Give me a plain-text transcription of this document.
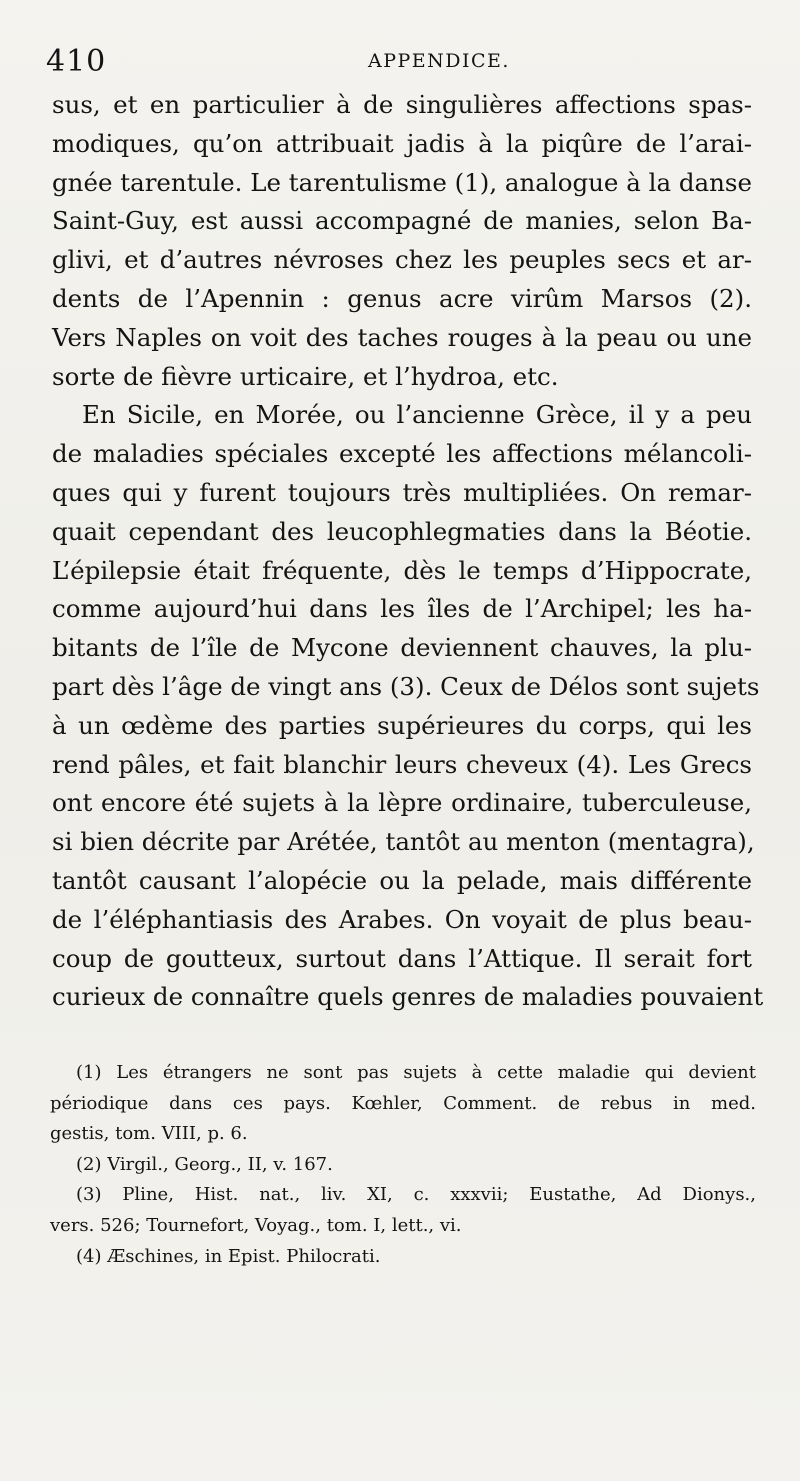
410	APPENDICE.
sus, et en particulier à de singulières affections spas-
modiques, qu’on attribuait jadis à la piqûre de l’arai-
gnée tarentule. Le tarentulisme (1), analogue à la danse
Saint-Guy, est aussi accompagné de manies, selon Ba-
glivi, et d’autres névroses chez les peuples secs et ar-
dents de l’Apennin : genus acre virûm Marsos (2).
Vers Naples on voit des taches rouges à la peau ou une
sorte de fièvre urticaire, et l’hydroa, etc.
En Sicile, en Morée, ou l’ancienne Grèce, il y a peu
de maladies spéciales excepté les affections mélancoli-
ques qui y furent toujours très multipliées. On remar-
quait cependant des leucophlegmaties dans la Béotie.
L’épilepsie était fréquente, dès le temps d’Hippocrate,
comme aujourd’hui dans les îles de l’Archipel; les ha-
bitants de l’île de Mycone deviennent chauves, la plu-
part dès l’âge de vingt ans (3). Ceux de Délos sont sujets
à un œdème des parties supérieures du corps, qui les
rend pâles, et fait blanchir leurs cheveux (4). Les Grecs
ont encore été sujets à la lèpre ordinaire, tuberculeuse,
si bien décrite par Arétée, tantôt au menton (mentagra),
tantôt causant l’alopécie ou la pelade, mais différente
de l’éléphantiasis des Arabes. On voyait de plus beau-
coup de goutteux, surtout dans l’Attique. Il serait fort
curieux de connaître quels genres de maladies pouvaient
(1) Les étrangers ne sont pas sujets à cette maladie qui devient
périodique dans ces pays. Kœhler, Comment. de rebus in med.
gestis, tom. VIII, p. 6.
(2) Virgil., Georg., II, v. 167.
(3) Pline, Hist. nat., liv. XI, c. xxxvii; Eustathe, Ad Dionys.,
vers. 526; Tournefort, Voyag., tom. I, lett., vi.
(4) Æschines, in Epist. Philocrati.
